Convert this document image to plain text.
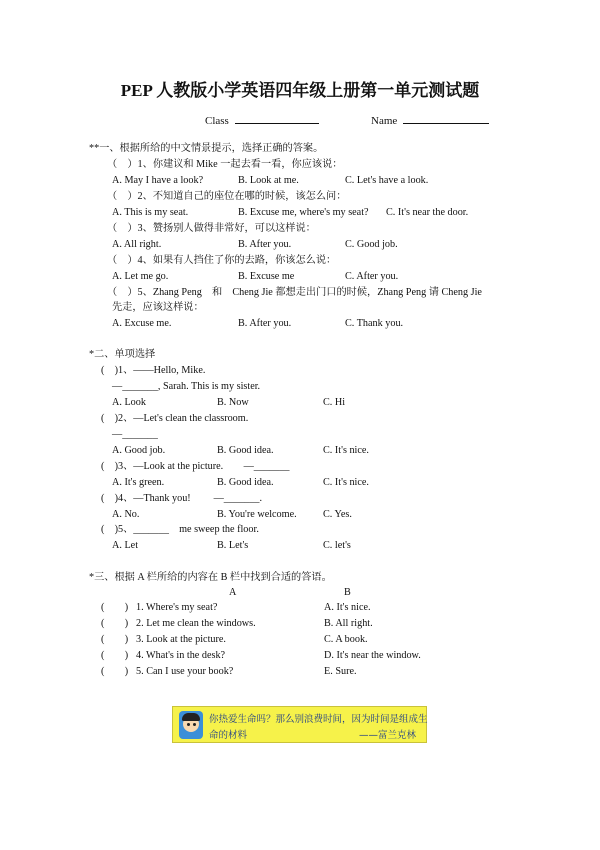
PEP 人教版小学英语四年级上册第一单元测试题
Class	Name
**一、根据所给的中文情景提示，选择正确的答案。
（　）1、你建议和 Mike 一起去看一看，你应该说：
A. May I have a look?	B. Look at me.	C. Let's have a look.
（　）2、不知道自己的座位在哪的时候，该怎么问：
A. This is my seat.	B. Excuse me, where's my seat? C. It's near the door.
（　）3、赞扬别人做得非常好，可以这样说：
A. All right.	B. After you.	C. Good job.
（　）4、如果有人挡住了你的去路，你该怎么说：
A. Let me go.	B. Excuse me	C. After you.
（　）5、Zhang Peng　和　Cheng Jie 都想走出门口的时候，Zhang Peng 请 Cheng Jie
先走，应该这样说：
A. Excuse me.	B. After you.	C. Thank you.
*二、单项选择
(　)1、——Hello, Mike.
—_______, Sarah. This is my sister.
A. Look	B. Now	C. Hi
(　)2、—Let's clean the classroom.
—_______
A. Good job.	B. Good idea.	C. It's nice.
(　)3、—Look at the picture.　　—_______
A. It's green.	B. Good idea.	C. It's nice.
(　)4、—Thank you!　　 —_______.
A. No.	B. You're welcome.	C. Yes.
(　)5、_______　me sweep the floor.
A. Let	B. Let's	C. let's
*三、根据 A 栏所给的内容在 B 栏中找到合适的答语。
A	B
(　　) 1. Where's my seat?	A. It's nice.
(　　) 2. Let me clean the windows.	B. All right.
(　　) 3. Look at the picture.	C. A book.
(　　) 4. What's in the desk?	D. It's near the window.
(　　) 5. Can I use your book?	E. Sure.
你热爱生命吗？那么别浪费时间，因为时间是组成生
命的材料	——富兰克林
